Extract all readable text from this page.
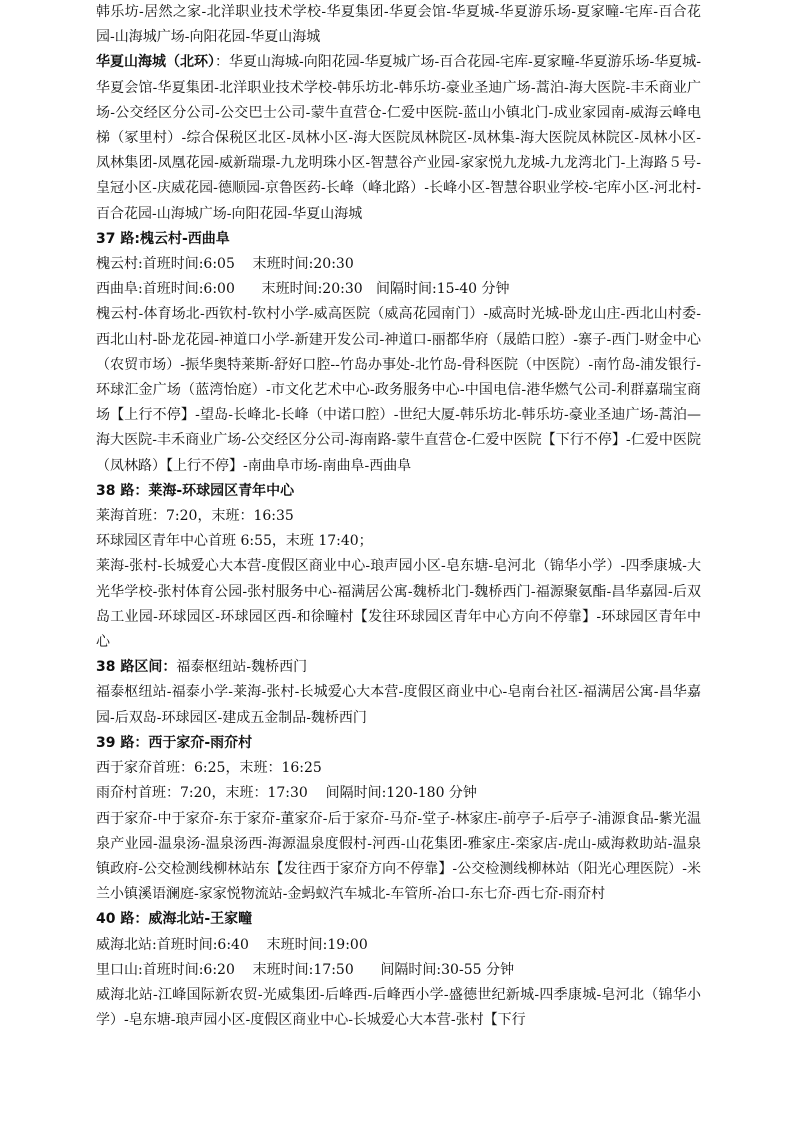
韩乐坊-居然之家-北洋职业技术学校-华夏集团-华夏会馆-华夏城-华夏游乐场-夏家疃-宅库-百合花园-山海城广场-向阳花园-华夏山海城

华夏山海城（北环）：华夏山海城-向阳花园-华夏城广场-百合花园-宅库-夏家疃-华夏游乐场-华夏城-华夏会馆-华夏集团-北洋职业技术学校-韩乐坊北-韩乐坊-豪业圣迪广场-蒿泊-海大医院-丰禾商业广场-公交经区分公司-公交巴士公司-蒙牛直营仓-仁爱中医院-蓝山小镇北门-成业家园南-威海云峰电梯（冢里村）-综合保税区北区-凤林小区-海大医院凤林院区-凤林集-海大医院凤林院区-凤林小区-凤林集团-凤凰花园-威新瑞璟-九龙明珠小区-智慧谷产业园-家家悦九龙城-九龙湾北门-上海路５号-皇冠小区-庆威花园-德顺园-京鲁医药-长峰（峰北路）-长峰小区-智慧谷职业学校-宅库小区-河北村-百合花园-山海城广场-向阳花园-华夏山海城

37 路:槐云村-西曲阜

槐云村:首班时间:6:05    末班时间:20:30

西曲阜:首班时间:6:00      末班时间:20:30   间隔时间:15-40 分钟

槐云村-体育场北-西钦村-钦村小学-威高医院（威高花园南门）-威高时光城-卧龙山庄-西北山村委-西北山村-卧龙花园-神道口小学-新建开发公司-神道口-丽都华府（晟皓口腔）-寨子-西门-财金中心（农贸市场）-振华奥特莱斯-舒好口腔--竹岛办事处-北竹岛-骨科医院（中医院）-南竹岛-浦发银行-环球汇金广场（蓝湾怡庭）-市文化艺术中心-政务服务中心-中国电信-港华燃气公司-利群嘉瑞宝商场【上行不停】-望岛-长峰北-长峰（中诺口腔）-世纪大厦-韩乐坊北-韩乐坊-豪业圣迪广场-蒿泊—海大医院-丰禾商业广场-公交经区分公司-海南路-蒙牛直营仓-仁爱中医院【下行不停】-仁爱中医院（凤林路）【上行不停】-南曲阜市场-南曲阜-西曲阜

38 路：莱海-环球园区青年中心

莱海首班：7:20，末班：16:35

环球园区青年中心首班 6:55，末班 17:40；

莱海-张村-长城爱心大本营-度假区商业中心-琅声园小区-皂东塘-皂河北（锦华小学）-四季康城-大光华学校-张村体育公园-张村服务中心-福满居公寓-魏桥北门-魏桥西门-福源聚氨酯-昌华嘉园-后双岛工业园-环球园区-环球园区西-和徐疃村【发往环球园区青年中心方向不停靠】-环球园区青年中心

38 路区间：福泰枢纽站-魏桥西门

福泰枢纽站-福泰小学-莱海-张村-长城爱心大本营-度假区商业中心-皂南台社区-福满居公寓-昌华嘉园-后双岛-环球园区-建成五金制品-魏桥西门

39 路：西于家夼-雨夼村

西于家夼首班：6:25，末班：16:25

雨夼村首班：7:20，末班：17:30    间隔时间:120-180 分钟

西于家夼-中于家夼-东于家夼-董家夼-后于家夼-马夼-堂子-林家庄-前亭子-后亭子-浦源食品-紫光温泉产业园-温泉汤-温泉汤西-海源温泉度假村-河西-山花集团-雅家庄-栾家店-虎山-威海救助站-温泉镇政府-公交检测线柳林站东【发往西于家夼方向不停靠】-公交检测线柳林站（阳光心理医院）-米兰小镇溪语澜庭-家家悦物流站-金蚂蚁汽车城北-车管所-冶口-东七夼-西七夼-雨夼村

40 路：威海北站-王家疃

威海北站:首班时间:6:40    末班时间:19:00

里口山:首班时间:6:20    末班时间:17:50      间隔时间:30-55 分钟

威海北站-江峰国际新农贸-光威集团-后峰西-后峰西小学-盛德世纪新城-四季康城-皂河北（锦华小学）-皂东塘-琅声园小区-度假区商业中心-长城爱心大本营-张村【下行
